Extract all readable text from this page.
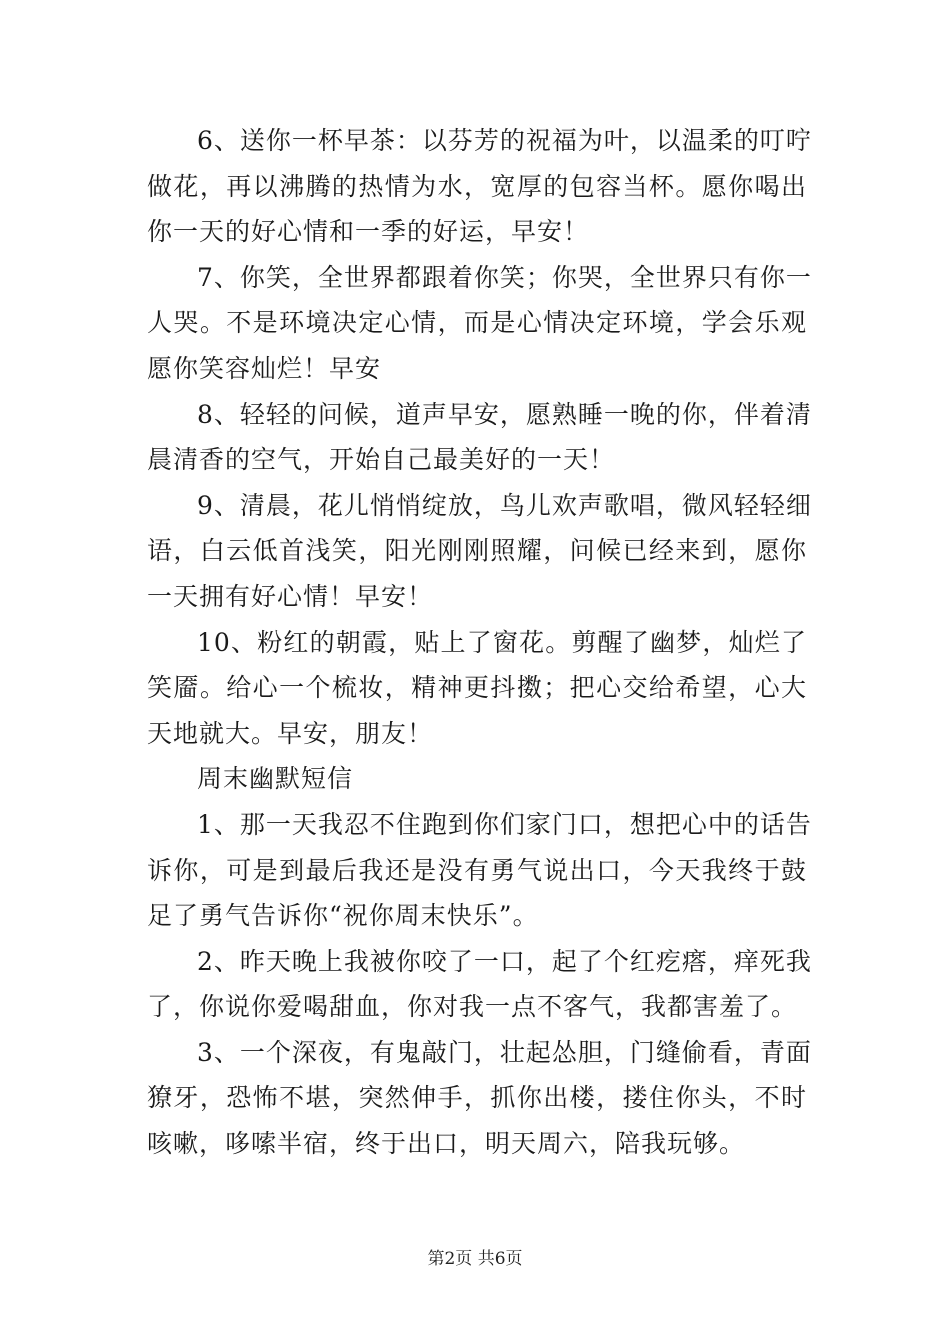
6、送你一杯早茶：以芬芳的祝福为叶，以温柔的叮咛
做花，再以沸腾的热情为水，宽厚的包容当杯。愿你喝出
你一天的好心情和一季的好运，早安！
7、你笑，全世界都跟着你笑；你哭，全世界只有你一
人哭。不是环境决定心情，而是心情决定环境，学会乐观
愿你笑容灿烂！早安
8、轻轻的问候，道声早安，愿熟睡一晚的你，伴着清
晨清香的空气，开始自己最美好的一天！
9、清晨，花儿悄悄绽放，鸟儿欢声歌唱，微风轻轻细
语，白云低首浅笑，阳光刚刚照耀，问候已经来到，愿你
一天拥有好心情！早安！
10、粉红的朝霞，贴上了窗花。剪醒了幽梦，灿烂了
笑靥。给心一个梳妆，精神更抖擞；把心交给希望，心大
天地就大。早安，朋友！
周末幽默短信
1、那一天我忍不住跑到你们家门口，想把心中的话告
诉你，可是到最后我还是没有勇气说出口，今天我终于鼓
足了勇气告诉你“祝你周末快乐”。
2、昨天晚上我被你咬了一口，起了个红疙瘩，痒死我
了，你说你爱喝甜血，你对我一点不客气，我都害羞了。
3、一个深夜，有鬼敲门，壮起怂胆，门缝偷看，青面
獠牙，恐怖不堪，突然伸手，抓你出楼，搂住你头，不时
咳嗽，哆嗦半宿，终于出口，明天周六，陪我玩够。
第2页 共6页
